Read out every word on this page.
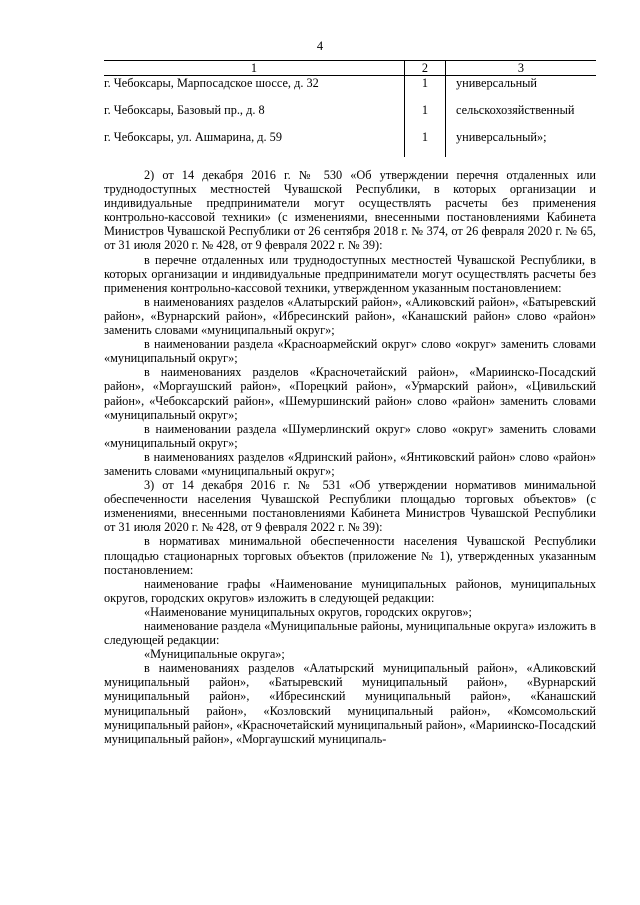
4
1	2	3
г. Чебоксары, Марпосадское шоссе, д. 32	1	универсальный
г. Чебоксары, Базовый пр., д. 8	1	сельскохозяйственный
г. Чебоксары, ул. Ашмарина, д. 59	1	универсальный»;

2) от 14 декабря 2016 г. № 530 «Об утверждении перечня отдаленных или труднодоступных местностей Чувашской Республики, в которых организации и индивидуальные предприниматели могут осуществлять расчеты без применения контрольно-кассовой техники» (с изменениями, внесенными постановлениями Кабинета Министров Чувашской Республики от 26 сентября 2018 г. № 374, от 26 февраля 2020 г. № 65, от 31 июля 2020 г. № 428, от 9 февраля 2022 г. № 39):

в перечне отдаленных или труднодоступных местностей Чувашской Республики, в которых организации и индивидуальные предприниматели могут осуществлять расчеты без применения контрольно-кассовой техники, утвержденном указанным постановлением:

в наименованиях разделов «Алатырский район», «Аликовский район», «Батыревский район», «Вурнарский район», «Ибресинский район», «Канашский район» слово «район» заменить словами «муниципальный округ»;

в наименовании раздела «Красноармейский округ» слово «округ» заменить словами «муниципальный округ»;

в наименованиях разделов «Красночетайский район», «Мариинско-Посадский район», «Моргаушский район», «Порецкий район», «Урмарский район», «Цивильский район», «Чебоксарский район», «Шемуршинский район» слово «район» заменить словами «муниципальный округ»;

в наименовании раздела «Шумерлинский округ» слово «округ» заменить словами «муниципальный округ»;

в наименованиях разделов «Ядринский район», «Янтиковский район» слово «район» заменить словами «муниципальный округ»;

3) от 14 декабря 2016 г. № 531 «Об утверждении нормативов минимальной обеспеченности населения Чувашской Республики площадью торговых объектов» (с изменениями, внесенными постановлениями Кабинета Министров Чувашской Республики от 31 июля 2020 г. № 428, от 9 февраля 2022 г. № 39):

в нормативах минимальной обеспеченности населения Чувашской Республики площадью стационарных торговых объектов (приложение № 1), утвержденных указанным постановлением:

наименование графы «Наименование муниципальных районов, муниципальных округов, городских округов» изложить в следующей редакции:

«Наименование муниципальных округов, городских округов»;

наименование раздела «Муниципальные районы, муниципальные округа» изложить в следующей редакции:

«Муниципальные округа»;

в наименованиях разделов «Алатырский муниципальный район», «Аликовский муниципальный район», «Батыревский муниципальный район», «Вурнарский муниципальный район», «Ибресинский муниципальный район», «Канашский муниципальный район», «Козловский муниципальный район», «Комсомольский муниципальный район», «Красночетайский муниципальный район», «Мариинско-Посадский муниципальный район», «Моргаушский муниципаль-
